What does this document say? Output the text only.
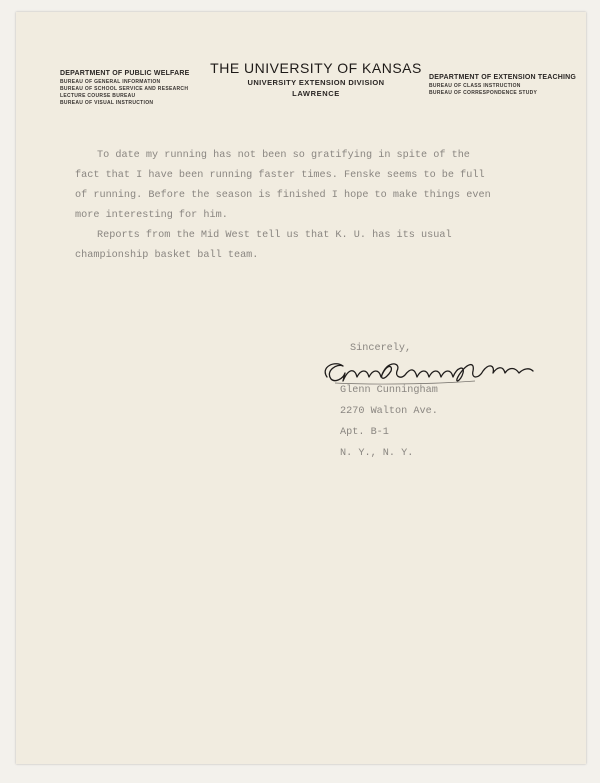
DEPARTMENT OF PUBLIC WELFARE
BUREAU OF GENERAL INFORMATION
BUREAU OF SCHOOL SERVICE AND RESEARCH
LECTURE COURSE BUREAU
BUREAU OF VISUAL INSTRUCTION
THE UNIVERSITY OF KANSAS
UNIVERSITY EXTENSION DIVISION
LAWRENCE
DEPARTMENT OF EXTENSION TEACHING
BUREAU OF CLASS INSTRUCTION
BUREAU OF CORRESPONDENCE STUDY

To date my running has not been so gratifying in spite of the

fact that I have been running faster times. Fenske seems to be full

of running. Before the season is finished I hope to make things even

more interesting for him.

Reports from the Mid West tell us that K. U. has its usual

championship basket ball team.

Sincerely,
Glenn Cunningham
2270 Walton Ave.
Apt. B-1
N. Y., N. Y.
